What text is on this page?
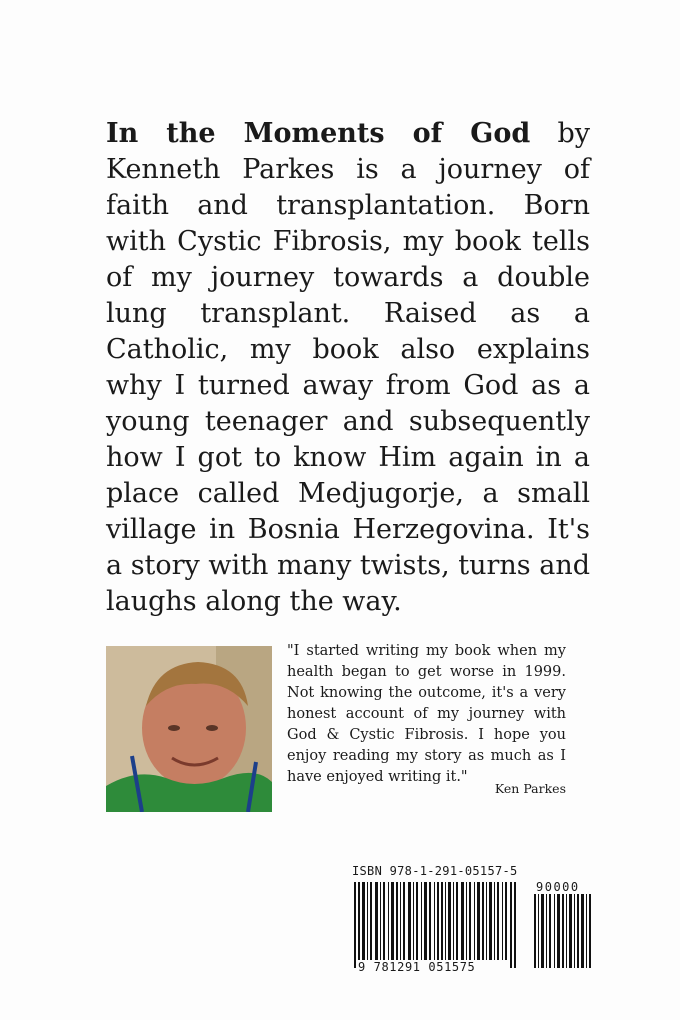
In the Moments of God by Kenneth Parkes is a journey of faith and transplantation. Born with Cystic Fibrosis, my book tells of my journey towards a double lung transplant. Raised as a Catholic, my book also explains why I turned away from God as a young teenager and subsequently how I got to know Him again in a place called Medjugorje, a small village in Bosnia Herzegovina. It's a story with many twists, turns and laughs along the way.

"I started writing my book when my health began to get worse in 1999. Not knowing the outcome, it's a very honest account of my journey with God & Cystic Fibrosis. I hope you enjoy reading my story as much as I have enjoyed writing it."

Ken Parkes
ISBN 978-1-291-05157-5
90000
9 781291 051575
